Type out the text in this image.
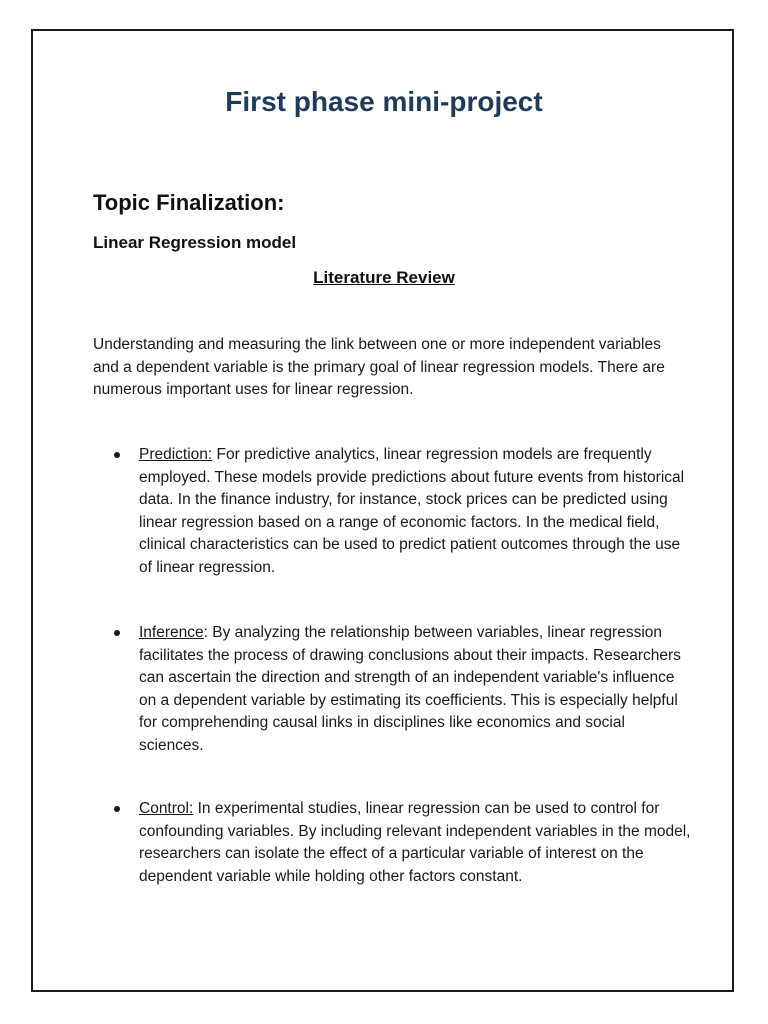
First phase mini-project
Topic Finalization:

Linear Regression model

Literature Review

Understanding and measuring the link between one or more independent variables and a dependent variable is the primary goal of linear regression models. There are numerous important uses for linear regression.

Prediction: For predictive analytics, linear regression models are frequently employed. These models provide predictions about future events from historical data. In the finance industry, for instance, stock prices can be predicted using linear regression based on a range of economic factors. In the medical field, clinical characteristics can be used to predict patient outcomes through the use of linear regression.
Inference: By analyzing the relationship between variables, linear regression facilitates the process of drawing conclusions about their impacts. Researchers can ascertain the direction and strength of an independent variable's influence on a dependent variable by estimating its coefficients. This is especially helpful for comprehending causal links in disciplines like economics and social sciences.
Control: In experimental studies, linear regression can be used to control for confounding variables. By including relevant independent variables in the model, researchers can isolate the effect of a particular variable of interest on the dependent variable while holding other factors constant.
